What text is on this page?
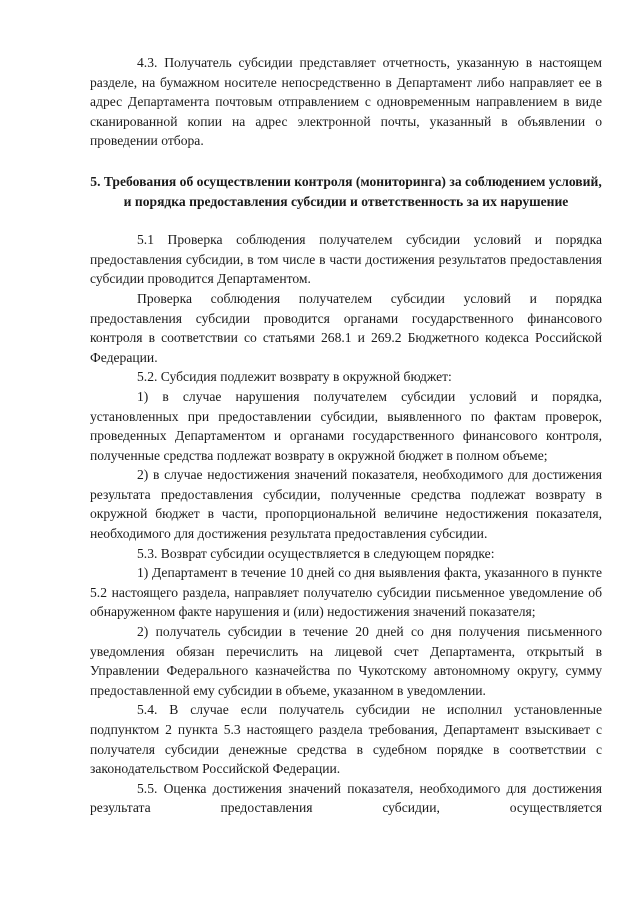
4.3. Получатель субсидии представляет отчетность, указанную в настоящем разделе, на бумажном носителе непосредственно в Департамент либо направляет ее в адрес Департамента почтовым отправлением с одновременным направлением в виде сканированной копии на адрес электронной почты, указанный в объявлении о проведении отбора.

5. Требования об осуществлении контроля (мониторинга) за соблюдением условий, и порядка предоставления субсидии и ответственность за их нарушение

5.1 Проверка соблюдения получателем субсидии условий и порядка предоставления субсидии, в том числе в части достижения результатов предоставления субсидии проводится Департаментом.

Проверка соблюдения получателем субсидии условий и порядка предоставления субсидии проводится органами государственного финансового контроля в соответствии со статьями 268.1 и 269.2 Бюджетного кодекса Российской Федерации.

5.2. Субсидия подлежит возврату в окружной бюджет:

1) в случае нарушения получателем субсидии условий и порядка, установленных при предоставлении субсидии, выявленного по фактам проверок, проведенных Департаментом и органами государственного финансового контроля, полученные средства подлежат возврату в окружной бюджет в полном объеме;

2) в случае недостижения значений показателя, необходимого для достижения результата предоставления субсидии, полученные средства подлежат возврату в окружной бюджет в части, пропорциональной величине недостижения показателя, необходимого для достижения результата предоставления субсидии.

5.3. Возврат субсидии осуществляется в следующем порядке:

1) Департамент в течение 10 дней со дня выявления факта, указанного в пункте 5.2 настоящего раздела, направляет получателю субсидии письменное уведомление об обнаруженном факте нарушения и (или) недостижения значений показателя;

2) получатель субсидии в течение 20 дней со дня получения письменного уведомления обязан перечислить на лицевой счет Департамента, открытый в Управлении Федерального казначейства по Чукотскому автономному округу, сумму предоставленной ему субсидии в объеме, указанном в уведомлении.

5.4. В случае если получатель субсидии не исполнил установленные подпунктом 2 пункта 5.3 настоящего раздела требования, Департамент взыскивает с получателя субсидии денежные средства в судебном порядке в соответствии с законодательством Российской Федерации.

5.5. Оценка достижения значений показателя, необходимого для достижения результата предоставления субсидии, осуществляется
